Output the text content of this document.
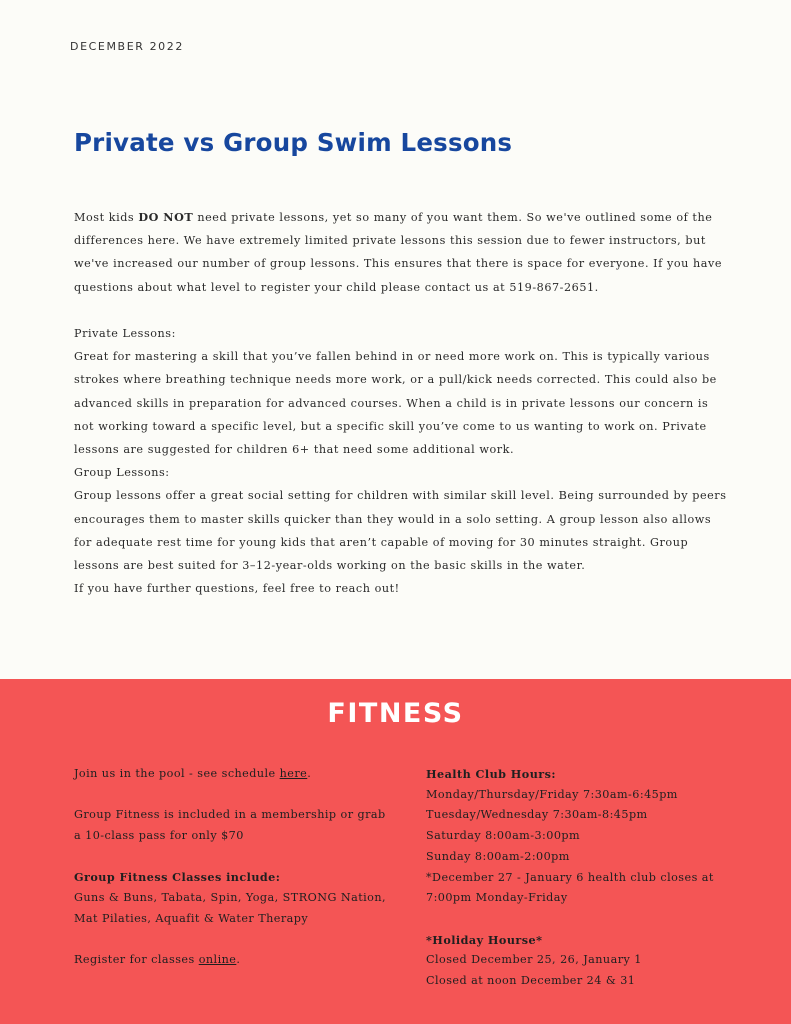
DECEMBER 2022
Private vs Group Swim Lessons

Most kids DO NOT need private lessons, yet so many of you want them. So we've outlined some of the differences here. We have extremely limited private lessons this session due to fewer instructors, but we've increased our number of group lessons. This ensures that there is space for everyone. If you have questions about what level to register your child please contact us at 519-867-2651.

Private Lessons:

Great for mastering a skill that you’ve fallen behind in or need more work on. This is typically various strokes where breathing technique needs more work, or a pull/kick needs corrected. This could also be advanced skills in preparation for advanced courses. When a child is in private lessons our concern is not working toward a specific level, but a specific skill you’ve come to us wanting to work on. Private lessons are suggested for children 6+ that need some additional work.

Group Lessons:

Group lessons offer a great social setting for children with similar skill level. Being surrounded by peers encourages them to master skills quicker than they would in a solo setting. A group lesson also allows for adequate rest time for young kids that aren’t capable of moving for 30 minutes straight. Group lessons are best suited for 3–12-year-olds working on the basic skills in the water.

If you have further questions, feel free to reach out!

FITNESS

Join us in the pool - see schedule here.

Group Fitness is included in a membership or grab a 10-class pass for only $70

Group Fitness Classes include:

Guns & Buns, Tabata, Spin, Yoga, STRONG Nation, Mat Pilaties, Aquafit & Water Therapy

Register for classes online.

Health Club Hours:

Monday/Thursday/Friday 7:30am-6:45pm

Tuesday/Wednesday 7:30am-8:45pm

Saturday 8:00am-3:00pm

Sunday 8:00am-2:00pm

*December 27 - January 6 health club closes at 7:00pm Monday-Friday

*Holiday Hourse*

Closed December 25, 26, January 1

Closed at noon December 24 & 31
